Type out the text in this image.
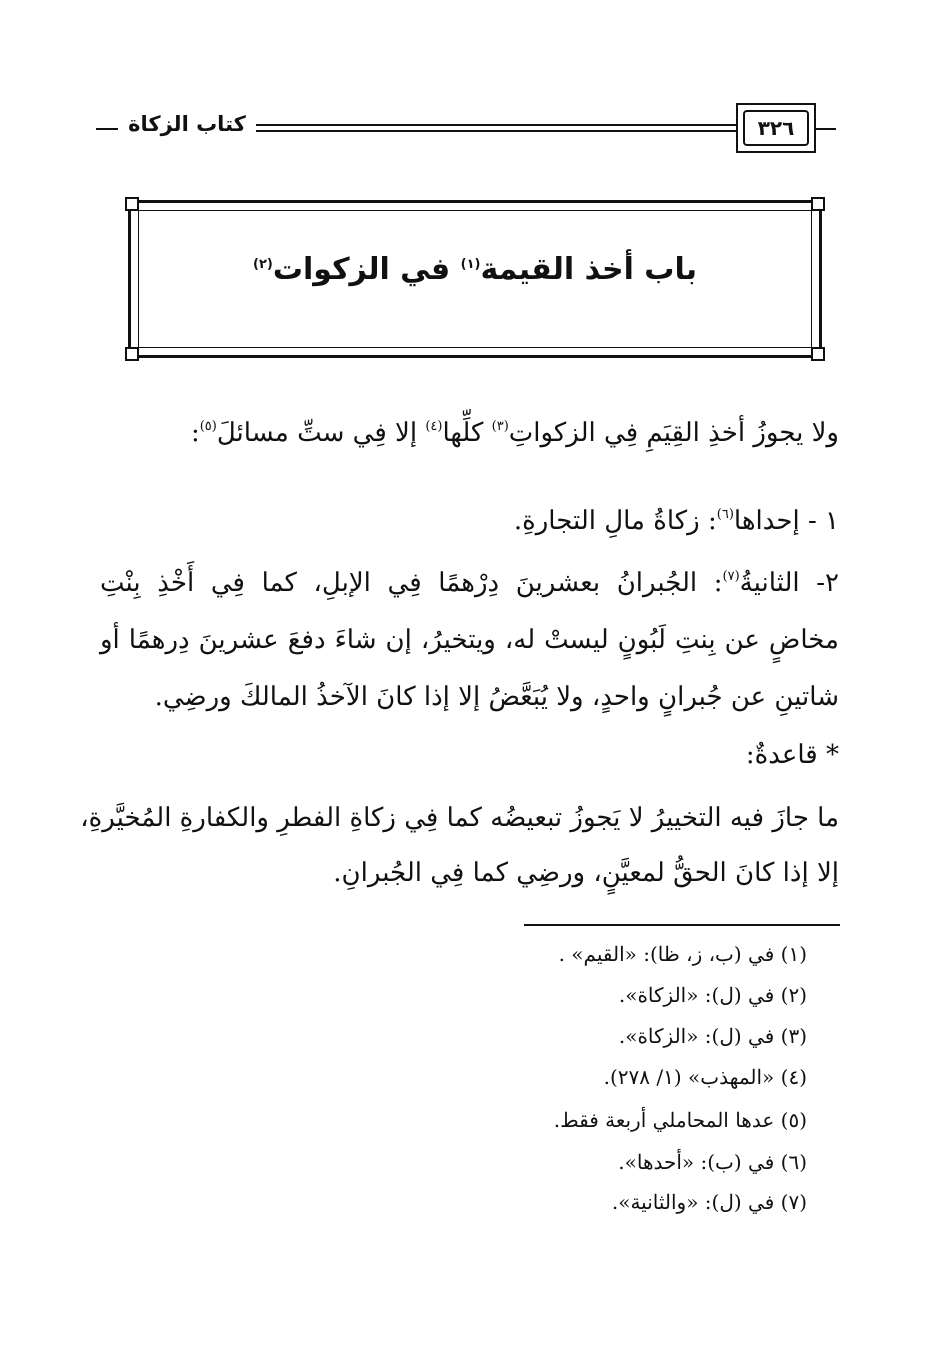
كتاب الزكاة	٣٢٦
باب أخذ القيمة$^{(١)}$ في الزكوات$^{(٢)}$
ولا يجوزُ أخذِ القِيَمِ فِي الزكواتِ$^{(٣)}$ كلِّها$^{(٤)}$ إلا فِي ستِّ مسائلَ$^{(٥)}$:
١ - إحداها$^{(٦)}$: زكاةُ مالِ التجارةِ.
٢- الثانيةُ$^{(٧)}$: الجُبرانُ بعشرينَ دِرْهمًا فِي الإبلِ، كما فِي أَخْذِ بِنْتِ
مخاضٍ عن بِنتِ لَبُونٍ ليستْ له، ويتخيرُ، إن شاءَ دفعَ عشرينَ دِرهمًا أو
شاتينِ عن جُبرانٍ واحدٍ، ولا يُبَعَّضُ إلا إذا كانَ الآخذُ المالكَ ورضِي.
* قاعدةٌ:
ما جازَ فيه التخييرُ لا يَجوزُ تبعيضُه كما فِي زكاةِ الفطرِ والكفارةِ المُخيَّرةِ،
إلا إذا كانَ الحقُّ لمعيَّنٍ، ورضِي كما فِي الجُبرانِ.
(١) في (ب، ز، ظا): «القيم» .
(٢) في (ل): «الزكاة».
(٣) في (ل): «الزكاة».
(٤) «المهذب» (١/ ٢٧٨).
(٥) عدها المحاملي أربعة فقط.
(٦) في (ب): «أحدها».
(٧) في (ل): «والثانية».
